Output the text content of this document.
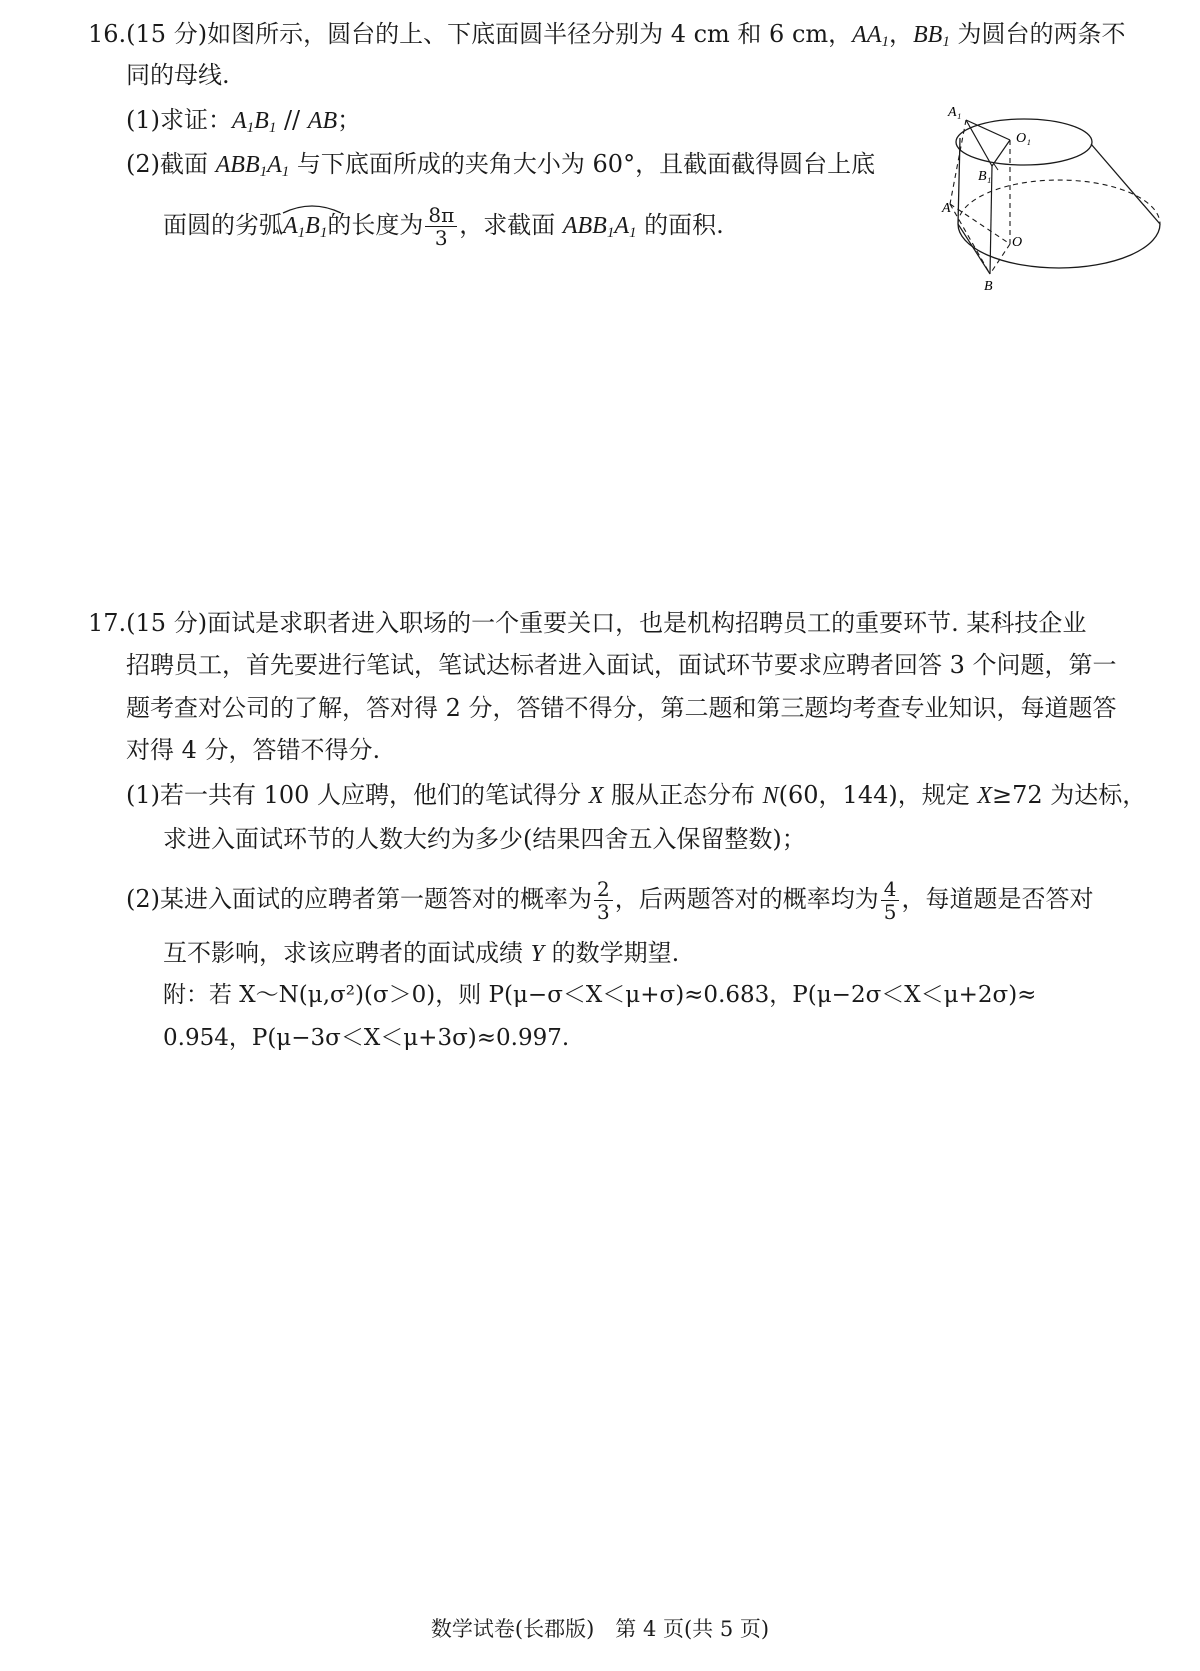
16.(15 分)如图所示，圆台的上、下底面圆半径分别为 4 cm 和 6 cm，$AA_1$，$BB_1$ 为圆台的两条不
同的母线.
(1)求证：$A_1B_1$ // AB；
(2)截面 $ABB_1A_1$ 与下底面所成的夹角大小为 60°，且截面截得圆台上底
面圆的劣弧$A_1B_1$
的长度为 $\frac{8\pi}{3}$ ，求截面 $ABB_1A_1$ 的面积.
A₁
O₁
B₁
A
O
B
17.(15 分)面试是求职者进入职场的一个重要关口，也是机构招聘员工的重要环节. 某科技企业
招聘员工，首先要进行笔试，笔试达标者进入面试，面试环节要求应聘者回答 3 个问题，第一
题考查对公司的了解，答对得 2 分，答错不得分，第二题和第三题均考查专业知识，每道题答
对得 4 分，答错不得分.
(1)若一共有 100 人应聘，他们的笔试得分 X 服从正态分布 N(60，144)，规定 X≥72 为达标，
求进入面试环节的人数大约为多少(结果四舍五入保留整数)；
(2)某进入面试的应聘者第一题答对的概率为 $\frac{2}{3}$ ，后两题答对的概率均为 $\frac{4}{5}$ ，每道题是否答对
互不影响，求该应聘者的面试成绩 Y 的数学期望.
附：若 X～N(μ,σ²)(σ＞0)，则 P(μ−σ＜X＜μ+σ)≈0.683，P(μ−2σ＜X＜μ+2σ)≈
0.954，P(μ−3σ＜X＜μ+3σ)≈0.997.
数学试卷(长郡版)　第 4 页(共 5 页)
